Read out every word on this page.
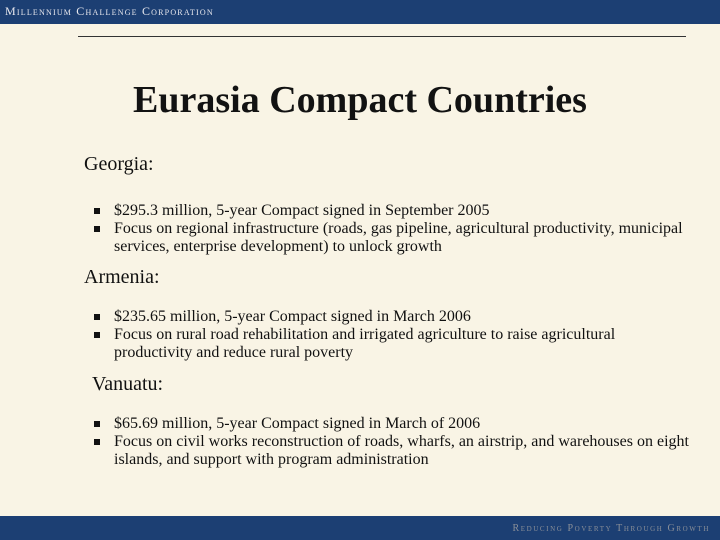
Millennium Challenge Corporation
Eurasia Compact Countries
Georgia:
$295.3 million, 5-year Compact signed in September 2005
Focus on regional infrastructure (roads, gas pipeline, agricultural productivity, municipal services, enterprise development) to unlock growth
Armenia:
$235.65 million, 5-year Compact signed in March 2006
Focus on rural road rehabilitation and irrigated agriculture to raise agricultural productivity and reduce rural poverty
Vanuatu:
$65.69 million, 5-year Compact signed in March of 2006
Focus on civil works reconstruction of roads, wharfs, an airstrip, and warehouses on eight islands, and support with program administration
Reducing Poverty Through Growth
